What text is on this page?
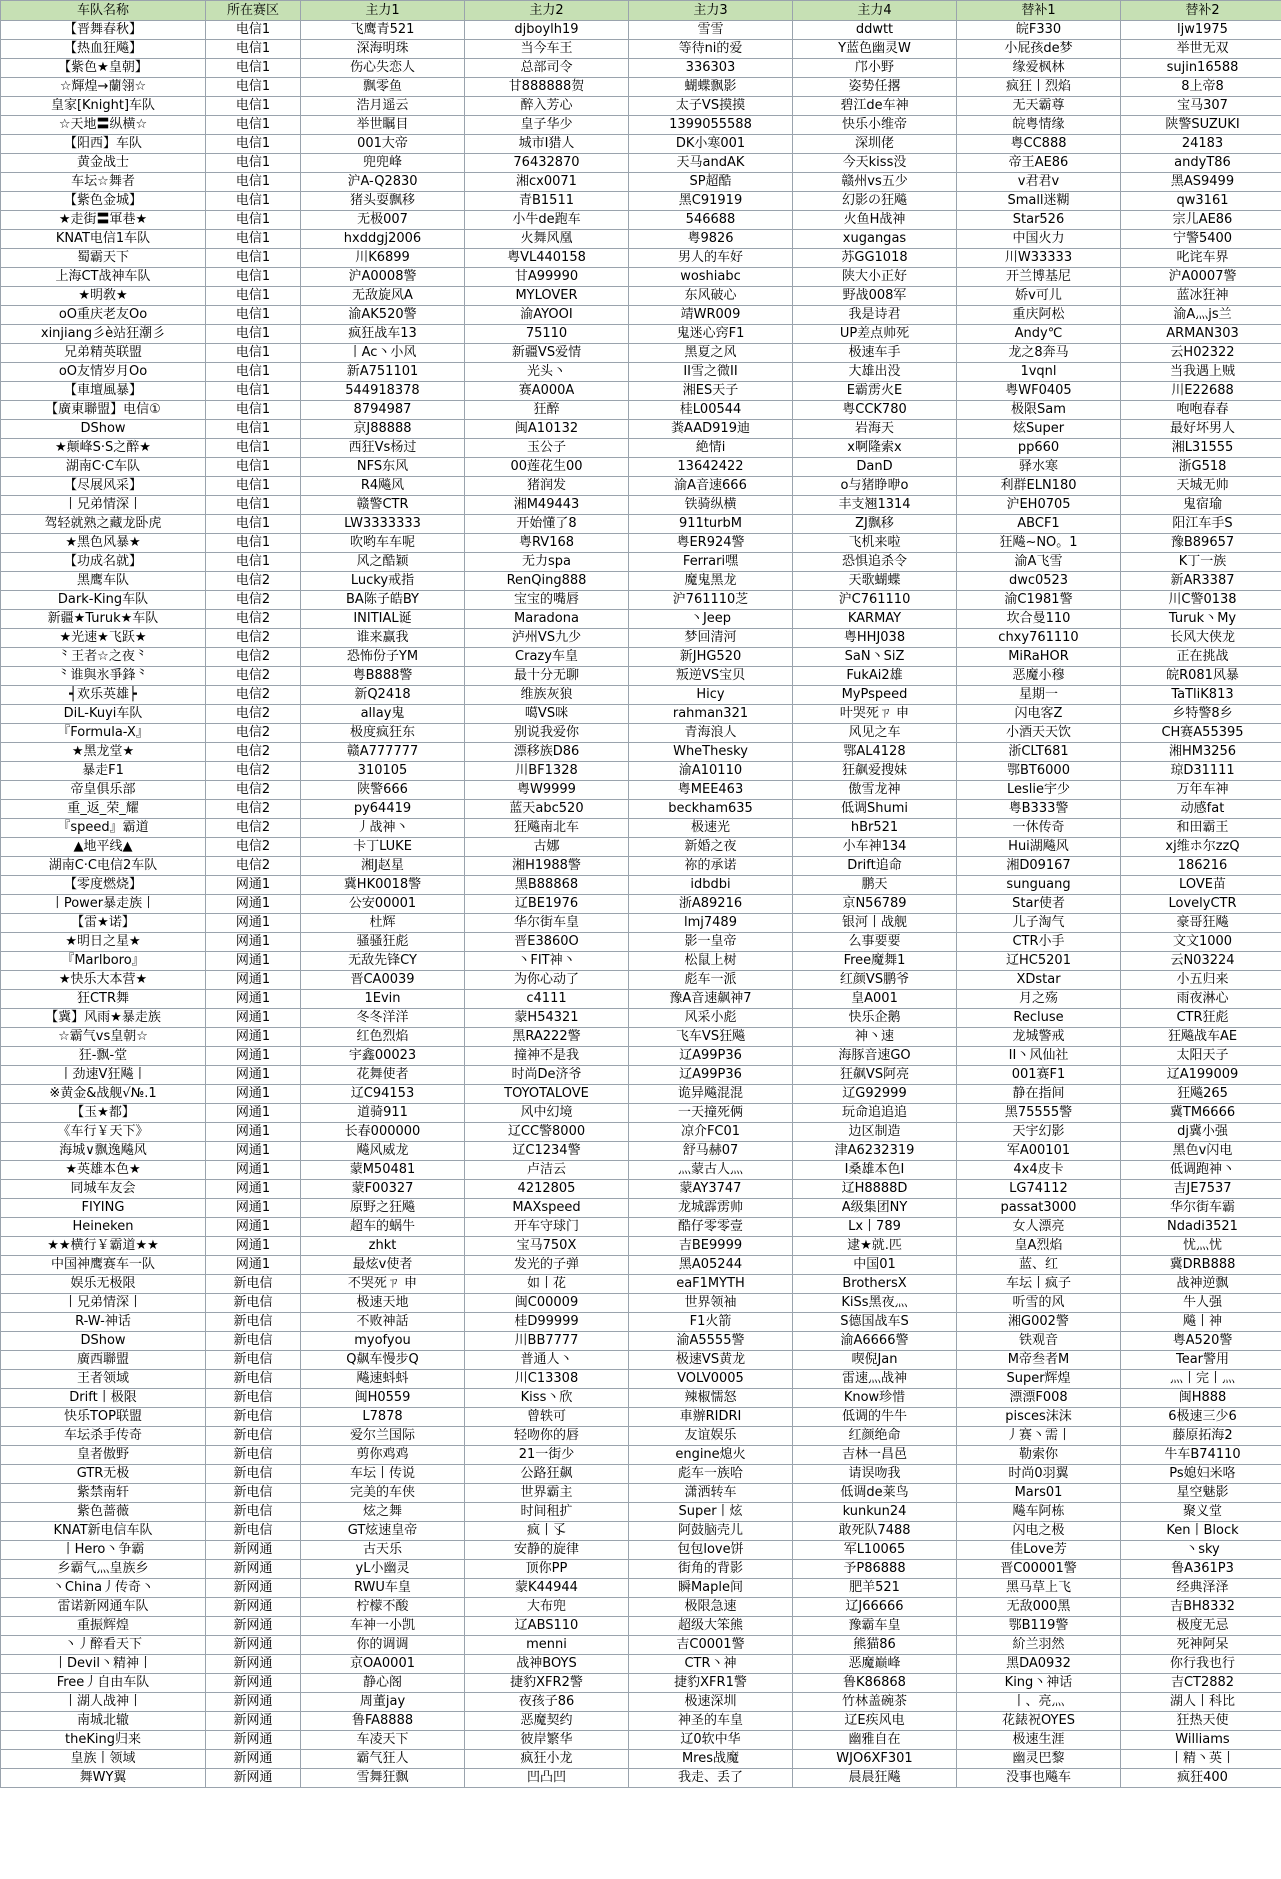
车队名称	所在赛区	主力1	主力2	主力3	主力4	替补1	替补2
【晋舞春秋】	电信1	飞鹰青521	djboylh19	雪雪	ddwtt	皖F330	ljw1975
【热血狂飚】	电信1	深海明珠	当今车王	等待ni的爱	Y蓝色幽灵W	小屁孩de梦	举世无双
【紫色★皇朝】	电信1	伤心失恋人	总部司令	336303	邝小野	缘爱枫林	sujin16588
☆輝煌→蘭翎☆	电信1	飘零鱼	甘888888贺	蝴蝶飘影	姿势任撂	疯狂丨烈焰	8上帝8
皇家[Knight]车队	电信1	浩月遥云	醉入芳心	太子VS摸摸	碧江de车神	无天霸尊	宝马307
☆天地〓纵横☆	电信1	举世瞩目	皇子华少	1399055588	快乐小维帝	皖粤情缘	陕警SUZUKI
【阳西】车队	电信1	001大帝	城市I猎人	DK小寒001	深圳佬	粤CC888	24183
黄金战士	电信1	兜兜峰	76432870	天马andAK	今天kiss没	帝王AE86	andyT86
车坛☆舞者	电信1	沪A-Q2830	湘cx0071	SP超酷	赣州vs五少	v君君v	黑AS9499
【紫色金城】	电信1	猪头耍飘移	青B1511	黑C91919	幻影の狂飚	Small迷糊	qw3161
★走街〓軍巷★	电信1	无极007	小牛de跑车	546688	火鱼H战神	Star526	宗儿AE86
KNAT电信1车队	电信1	hxddgj2006	火舞风凰	粤9826	xugangas	中国火力	宁警5400
蜀霸天下	电信1	川K6899	粤VL440158	男人的车好	苏GG1018	川W33333	叱诧车界
上海CT战神车队	电信1	沪A0008警	甘A99990	woshiabc	陕大小正好	开兰博基尼	沪A0007警
★明敎★	电信1	无敌旋风A	MYLOVER	东风破心	野战008军	娇v可儿	蓝冰狂神
oO重庆老友Oo	电信1	渝AK520警	渝AYOOI	靖WR009	我是诗君	重庆阿松	渝A灬js兰
xinjiang彡è站狂潮彡	电信1	疯狂战车13	75110	鬼迷心窍F1	UP差点帅死	Andy℃	ARMAN303
兄弟精英联盟	电信1	丨Ac丶小风	新疆VS爱情	黑夏之风	极速车手	龙之8奔马	云H02322
oO友情岁月Oo	电信1	新A751101	光头丶	II雪之微II	大雄出没	1vqnl	当我遇上贼
【車壇風暴】	电信1	544918378	赛A000A	湘ES天子	E霸雳火E	粤WF0405	川E22688
【廣東聯盟】电信①	电信1	8794987	狂醉	桂L00544	粤CCK780	极限Sam	咆咆春春
DShow	电信1	京J88888	闽A10132	粪AAD919迪	岩海天	炫Super	最好坏男人
★颠峰S·S之醉★	电信1	西狂Vs杨过	玉公子	絶情i	x啊隆索x	pp660	湘L31555
湖南C·C车队	电信1	NFS东风	00莲花生00	13642422	DanD	驿水寒	浙G518
【尽展风采】	电信1	R4飚风	猪润发	渝A音速666	о与猪睁咿о	利群ELN180	天城无帅
丨兄弟情深丨	电信1	赣警CTR	湘M49443	铁骑纵横	丰支翘1314	沪EH0705	鬼宿瑜
驾轻就熟之藏龙卧虎	电信1	LW3333333	开始懂了8	911turbM	ZJ飘移	ABCF1	阳江车手S
★黑色风暴★	电信1	吹哟车车呢	粤RV168	粤ER924警	飞机来啦	狂飚~NO。1	豫B89657
【功成名就】	电信1	风之酷颖	无力spa	Ferrari嘿	恐惧追杀令	渝A飞雪	K丁一族
黑鹰车队	电信2	Lucky戒指	RenQing888	魔鬼黑龙	天歌蝴蝶	dwc0523	新AR3387
Dark-King车队	电信2	BA陈子皓BY	宝宝的嘴唇	沪761110芝	沪C761110	渝C1981警	川C警0138
新疆★Turuk★车队	电信2	INITIAL诞	Maradona	丶Jeep	KARMAY	坎合曼110	Turuk丶My
★光速★飞跃★	电信2	谁来赢我	泸州VS九少	梦回清河	粤HHJ038	chxy761110	长风大侠龙
⺀王者☆之夜⺀	电信2	恐怖份子YM	Crazy车皇	新JHG520	SaN丶SiZ	MiRaHOR	正在挑战
⺀谁與氷爭鋒⺀	电信2	粤B888警	最十分无聊	叛逆VS宝贝	FukAi2雄	恶魔小穆	皖R081风暴
┥欢乐英雄┝	电信2	新Q2418	维族灰狼	Hicy	MyPspeed	星期一	TaTliK813
DiL-Kuyi车队	电信2	allay鬼	噶VS咪	rahman321	叶哭死ㄗ 申	闪电客Z	乡特警8乡
『Formula-X』	电信2	极度疯狂东	别说我爱你	青海浪人	风见之车	小酒天天饮	CH赛A55395
★黑龙堂★	电信2	赣A777777	漂移族D86	WheThesky	鄂AL4128	浙CLT681	湘HM3256
暴走F1	电信2	310105	川BF1328	渝A10110	狂飙爱搜妹	鄂BT6000	琼D31111
帝皇俱乐部	电信2	陕警666	粤W9999	粤MEE463	傲雪龙神	Leslie宇少	万年车神
重_返_荣_耀	电信2	py64419	蓝天abc520	beckham635	低调Shumi	粤B333警	动感fat
『speed』霸道	电信2	丿战神丶	狂飚南北车	极速光	hBr521	一休传奇	和田霸王
▲地平线▲	电信2	卡丁LUKE	古娜	新婚之夜	小车神134	Hui湖飚风	xj维ホ尔zzQ
湖南C·C电信2车队	电信2	湘J赵星	湘H1988警	祢的承诺	Drift追命	湘D09167	186216
【零度燃烧】	网通1	冀HK0018警	黑B88868	idbdbi	鹏天	sunguang	LOVE苗
丨Power暴走族丨	网通1	公安00001	辽BE1976	浙A89216	京N56789	Star使者	LovelyCTR
【雷★诺】	网通1	杜辉	华尔街车皇	lmj7489	银河丨战舰	儿子淘气	豪哥狂飚
★明日之星★	网通1	骚骚狂彪	晋E3860O	影一皇帝	么事要要	CTR小手	文文1000
『Marlboro』	网通1	无敌先锋CY	丶FIT神丶	松鼠上树	Free魔舞1	辽HC5201	云N03224
★快乐大本营★	网通1	晋CA0039	为你心动了	彪车一派	红颜VS鹏爷	XDstar	小五归来
狂CTR舞	网通1	1Evin	c4111	豫A音速飙神7	皇A001	月之殇	雨夜淋心
【冀】风雨★暴走族	网通1	冬冬洋洋	蒙H54321	风采小彪	快乐企鹅	Recluse	CTR狂彪
☆霸气vs皇朝☆	网通1	红色烈焰	黑RA222警	飞车VS狂飚	神丶速	龙城警戒	狂飚战车AE
狂-飘-堂	网通1	宇鑫00023	撞神不是我	辽A99P36	海豚音速GO	II丶风仙社	太阳天子
丨劲速V狂飚丨	网通1	花舞使者	时尚De济爷	辽A99P36	狂飙VS阿亮	001赛F1	辽A199009
※黄金&战舰√№.1	网通1	辽C94153	TOYOTALOVE	诡异飚混混	辽G92999	静在指间	狂飚265
【玉★都】	网通1	道骑911	风中幻境	一天撞死俩	玩命追追追	黑75555警	冀TM6666
《车行￥天下》	网通1	长春000000	辽CC警8000	凉介FC01	边区制造	天宇幻影	dj冀小强
海城∨飘逸飚风	网通1	飚风威龙	辽C1234警	舒马赫07	津A6232319	军A00101	黑色v闪电
★英雄本色★	网通1	蒙M50481	卢洁云	灬蒙古人灬	I桑雄本色I	4x4皮卡	低调跑神丶
同城车友会	网通1	蒙F00327	4212805	蒙AY3747	辽H8888D	LG74112	吉JE7537
FIYING	网通1	原野之狂飚	MAXspeed	龙城霹雳帅	A级集团NY	passat3000	华尔街车霸
Heineken	网通1	超车的蜗牛	开车守球门	酷仔零零壹	Lx丨789	女人漂亮	Ndadi3521
★★横行￥霸道★★	网通1	zhkt	宝马750X	吉BE9999	逮★就.匹	皇A烈焰	忧灬忧
中国神鹰赛车一队	网通1	最炫v使者	发光的子弹	黑A05244	中国01	蓝、红	冀DRB888
娱乐无极限	新电信	不哭死ㄗ 申	如丨花	eaF1MYTH	BrothersX	车坛丨疯子	战神逆飘
丨兄弟情深丨	新电信	极速天地	闽C00009	世界领袖	KiSs黑夜灬	听雪的风	牛人强
R-W-神话	新电信	不败神話	桂D99999	F1火箭	S德国战车S	湘G002警	飚丨神
DShow	新电信	myofyou	川BB7777	渝A5555警	渝A6666警	铁观音	粤A520警
廣西聯盟	新电信	Q飙车慢步Q	普通人丶	极速VS黄龙	喫倪Jan	M帝叁者M	Tear警用
王者领域	新电信	飚速蚪蚪	川C13308	VOLV0005	雷速灬战神	Super辉煌	灬丨完丨灬
Drift丨极限	新电信	闽H0559	Kiss丶欣	辣椒懦怒	Know珍惜	漂漂F008	闽H888
快乐TOP联盟	新电信	L7878	曾轶可	車辦RIDRI	低调的牛牛	pisces沫沫	6极速三少6
车坛杀手传奇	新电信	爱尔兰国际	轻吻你的唇	友谊娱乐	红颜绝命	丿赛丶需丨	藤原拓海2
皇者傲野	新电信	剪你鸡鸡	21一街少	engine熄火	吉林一昌邑	勒索你	牛车B74110
GTR无极	新电信	车坛丨传说	公路狂飙	彪车一族哈	请误吻我	时尚0羽翼	Ps媳妇米咯
紫禁南轩	新电信	完美的车侠	世界霸主	潇洒转车	低调de莱鸟	Mars01	星空魅影
紫色蔷薇	新电信	炫之舞	时间租扩	Super丨炫	kunkun24	飚车阿栋	聚义堂
KNAT新电信车队	新电信	GT炫速皇帝	疯丨孓	阿鼓脑壳儿	敢死队7488	闪电之极	Ken丨Block
丨Hero丶争霸	新网通	古天乐	安静的旋律	包包love饼	军L10065	佳Love芳	丶sky
乡霸气灬皇族乡	新网通	yL小幽灵	顶你PP	街角的背影	予P86888	晋C00001警	鲁A361P3
丶China丿传奇丶	新网通	RWU车皇	蒙K44944	瞬Maple间	肥羊521	黑马草上飞	经典泽泽
雷诺新网通车队	新网通	柠檬不酸	大布兜	极限急速	辽J66666	无敌000黑	吉BH8332
重振辉煌	新网通	车神一小凯	辽ABS110	超级大笨熊	豫霸车皇	鄂B119警	极度无忌
丶丿醉看天下	新网通	你的调调	menni	吉C0001警	熊猫86	紒兰羽然	死神阿呆
丨Devil丶精神丨	新网通	京OA0001	战神BOYS	CTR丶神	恶魔巅峰	黑DA0932	你行我也行
Free丿自由车队	新网通	静心阁	捷豹XFR2警	捷豹XFR1警	鲁K86868	King丶神话	吉CT2882
丨湖人战神丨	新网通	周董jay	夜孩子86	极速深圳	竹林盖碗茶	丨、亮灬	湖人丨科比
南城北辙	新网通	鲁FA8888	恶魔契约	神圣的车皇	辽E疾风电	花錶祝OYES	狂热天使
theKing归来	新网通	车凌天下	彼岸繁华	辽0软中华	幽雅自在	极速生涯	Williams
皇族丨领域	新网通	霸气狂人	疯狂小龙	Mres战魔	WJO6XF301	幽灵巴黎	丨精丶英丨
舞WY翼	新网通	雪舞狂飘	凹凸凹	我走、丢了	晨晨狂飚	没事也飚车	疯狂400
